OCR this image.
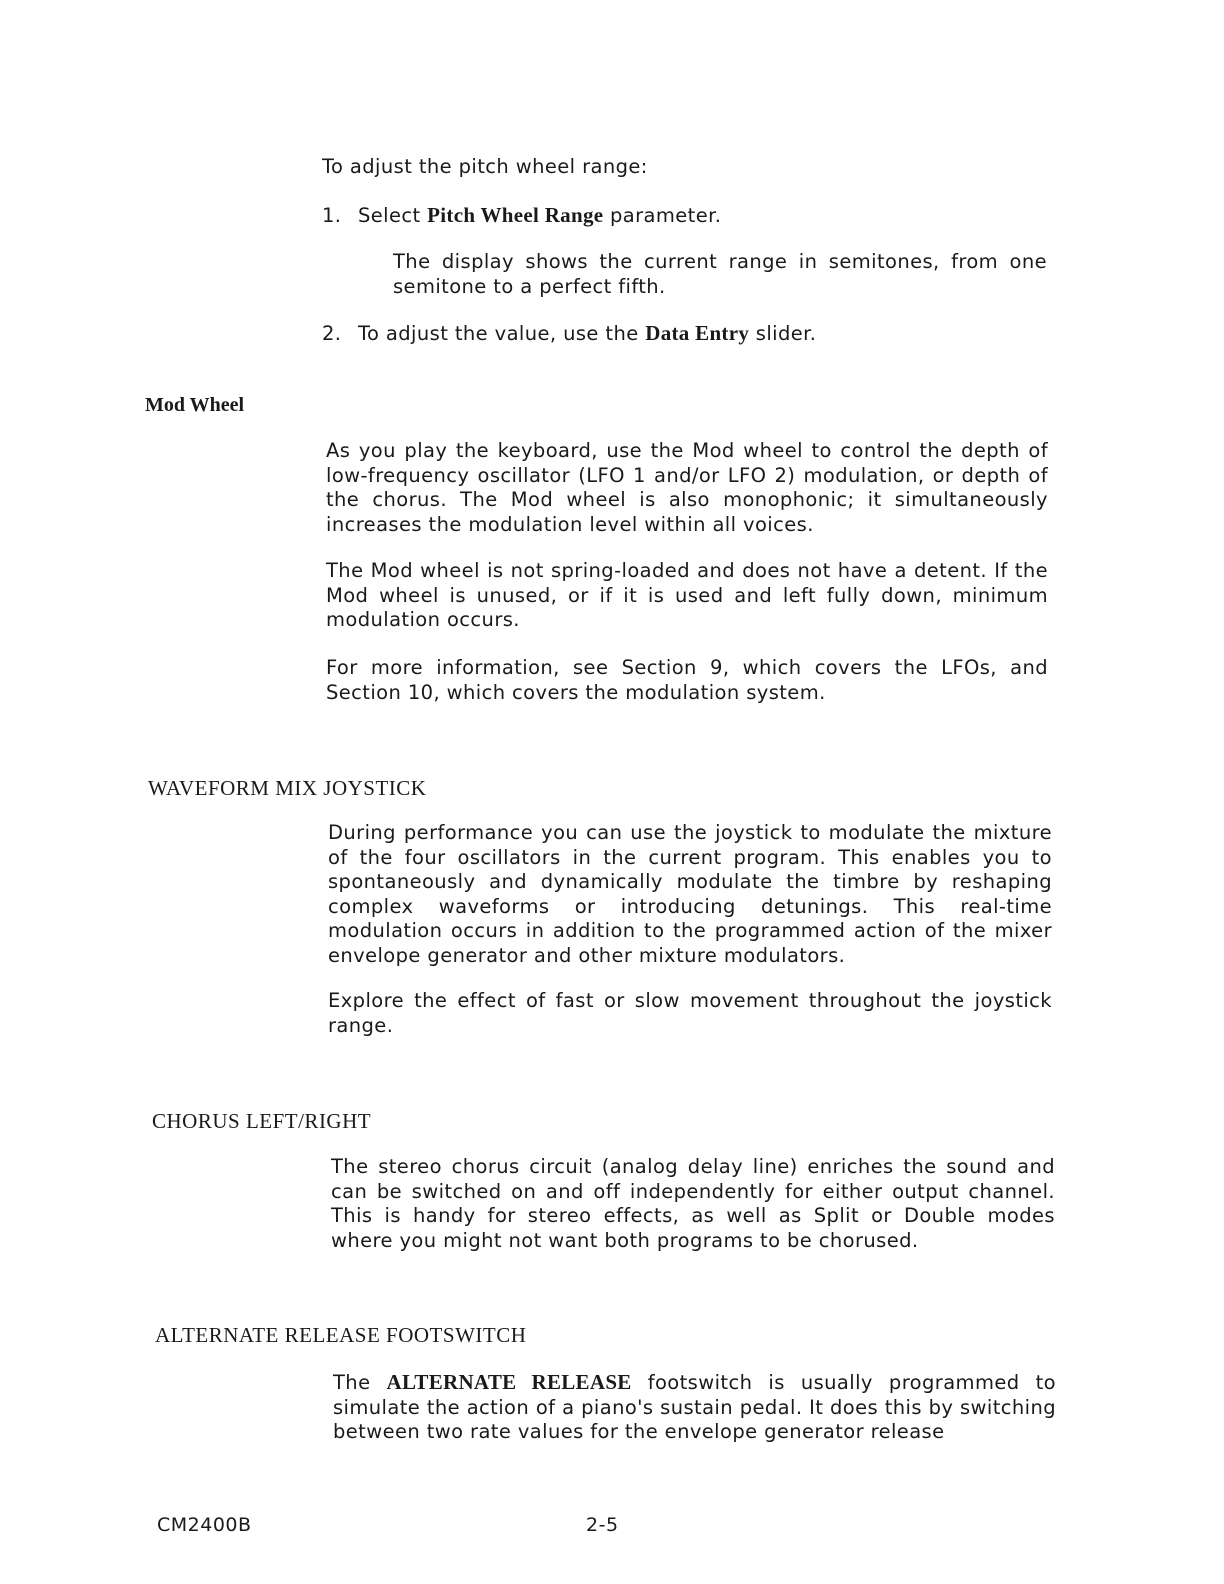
To adjust the pitch wheel range:
1. Select Pitch Wheel Range parameter.
The display shows the current range in semitones, from one semitone to a perfect fifth.
2. To adjust the value, use the Data Entry slider.
Mod Wheel
As you play the keyboard, use the Mod wheel to control the depth of low-frequency oscillator (LFO 1 and/or LFO 2) modulation, or depth of the chorus. The Mod wheel is also monophonic; it simultaneously increases the modulation level within all voices.
The Mod wheel is not spring-loaded and does not have a detent. If the Mod wheel is unused, or if it is used and left fully down, minimum modulation occurs.
For more information, see Section 9, which covers the LFOs, and Section 10, which covers the modulation system.
WAVEFORM MIX JOYSTICK
During performance you can use the joystick to modulate the mixture of the four oscillators in the current program. This enables you to spontaneously and dynamically modulate the timbre by reshaping complex waveforms or introducing detunings. This real-time modulation occurs in addition to the programmed action of the mixer envelope generator and other mixture modulators.
Explore the effect of fast or slow movement throughout the joystick range.
CHORUS LEFT/RIGHT
The stereo chorus circuit (analog delay line) enriches the sound and can be switched on and off independently for either output channel. This is handy for stereo effects, as well as Split or Double modes where you might not want both programs to be chorused.
ALTERNATE RELEASE FOOTSWITCH
The ALTERNATE RELEASE footswitch is usually programmed to simulate the action of a piano's sustain pedal. It does this by switching between two rate values for the envelope generator release
CM2400B	2-5
